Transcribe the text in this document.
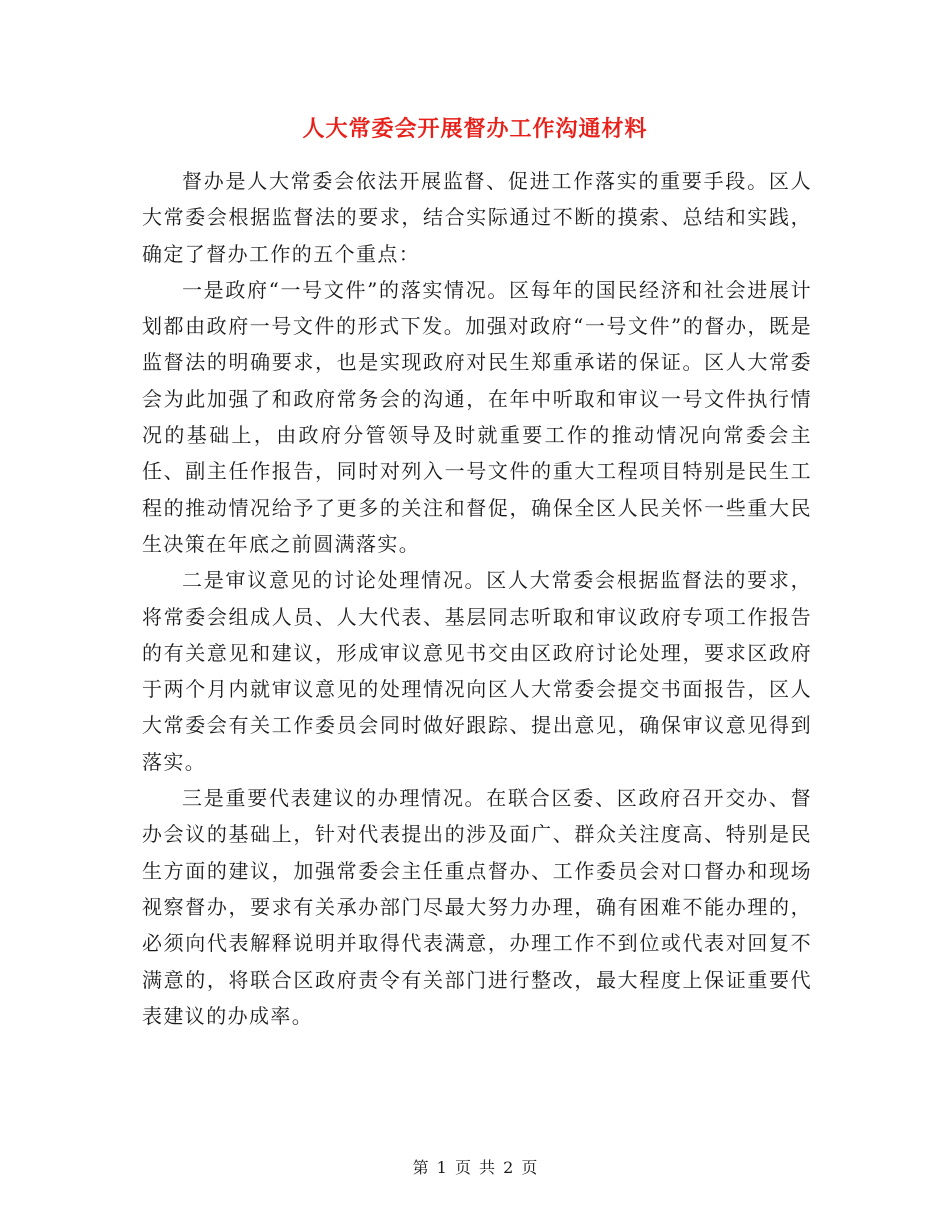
人大常委会开展督办工作沟通材料

督办是人大常委会依法开展监督、促进工作落实的重要手段。区人大常委会根据监督法的要求，结合实际通过不断的摸索、总结和实践，确定了督办工作的五个重点：

一是政府“一号文件”的落实情况。区每年的国民经济和社会进展计划都由政府一号文件的形式下发。加强对政府“一号文件”的督办，既是监督法的明确要求，也是实现政府对民生郑重承诺的保证。区人大常委会为此加强了和政府常务会的沟通，在年中听取和审议一号文件执行情况的基础上，由政府分管领导及时就重要工作的推动情况向常委会主任、副主任作报告，同时对列入一号文件的重大工程项目特别是民生工程的推动情况给予了更多的关注和督促，确保全区人民关怀一些重大民生决策在年底之前圆满落实。

二是审议意见的讨论处理情况。区人大常委会根据监督法的要求，将常委会组成人员、人大代表、基层同志听取和审议政府专项工作报告的有关意见和建议，形成审议意见书交由区政府讨论处理，要求区政府于两个月内就审议意见的处理情况向区人大常委会提交书面报告，区人大常委会有关工作委员会同时做好跟踪、提出意见，确保审议意见得到落实。

三是重要代表建议的办理情况。在联合区委、区政府召开交办、督办会议的基础上，针对代表提出的涉及面广、群众关注度高、特别是民生方面的建议，加强常委会主任重点督办、工作委员会对口督办和现场视察督办，要求有关承办部门尽最大努力办理，确有困难不能办理的，必须向代表解释说明并取得代表满意，办理工作不到位或代表对回复不满意的，将联合区政府责令有关部门进行整改，最大程度上保证重要代表建议的办成率。

第 1 页 共 2 页
